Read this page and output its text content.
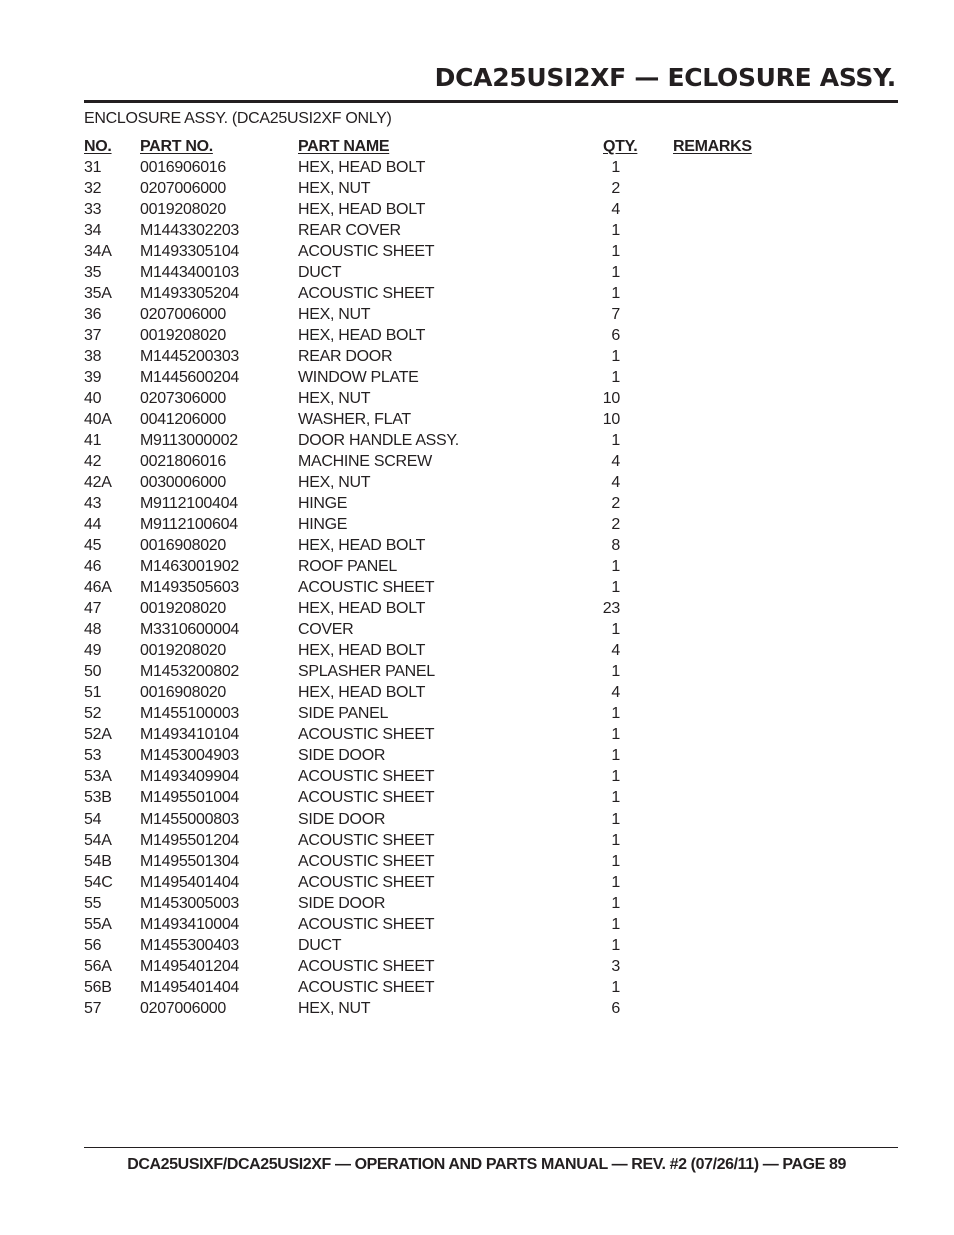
DCA25USI2XF — ECLOSURE ASSY.
ENCLOSURE ASSY. (DCA25USI2XF ONLY)
NO. PART NO.	PART NAME	QTY. REMARKS
31 0016906016	HEX, HEAD BOLT	1
32 0207006000	HEX, NUT	2
33 0019208020	HEX, HEAD BOLT	4
34 M1443302203	REAR COVER	1
34A M1493305104	ACOUSTIC SHEET	1
35 M1443400103	DUCT	1
35A M1493305204	ACOUSTIC SHEET	1
36 0207006000	HEX, NUT	7
37 0019208020	HEX, HEAD BOLT	6
38 M1445200303	REAR DOOR	1
39 M1445600204	WINDOW PLATE	1
40 0207306000	HEX, NUT	10
40A 0041206000	WASHER, FLAT	10
41 M9113000002	DOOR HANDLE ASSY.	1
42 0021806016	MACHINE SCREW	4
42A 0030006000	HEX, NUT	4
43 M9112100404	HINGE	2
44 M9112100604	HINGE	2
45 0016908020	HEX, HEAD BOLT	8
46 M1463001902	ROOF PANEL	1
46A M1493505603	ACOUSTIC SHEET	1
47 0019208020	HEX, HEAD BOLT	23
48 M3310600004	COVER	1
49 0019208020	HEX, HEAD BOLT	4
50 M1453200802	SPLASHER PANEL	1
51 0016908020	HEX, HEAD BOLT	4
52 M1455100003	SIDE PANEL	1
52A M1493410104	ACOUSTIC SHEET	1
53 M1453004903	SIDE DOOR	1
53A M1493409904	ACOUSTIC SHEET	1
53B M1495501004	ACOUSTIC SHEET	1
54 M1455000803	SIDE DOOR	1
54A M1495501204	ACOUSTIC SHEET	1
54B M1495501304	ACOUSTIC SHEET	1
54C M1495401404	ACOUSTIC SHEET	1
55 M1453005003	SIDE DOOR	1
55A M1493410004	ACOUSTIC SHEET	1
56 M1455300403	DUCT	1
56A M1495401204	ACOUSTIC SHEET	3
56B M1495401404	ACOUSTIC SHEET	1
57 0207006000	HEX, NUT	6
DCA25USIXF/DCA25USI2XF — OPERATION AND PARTS MANUAL — REV. #2 (07/26/11) — PAGE 89
